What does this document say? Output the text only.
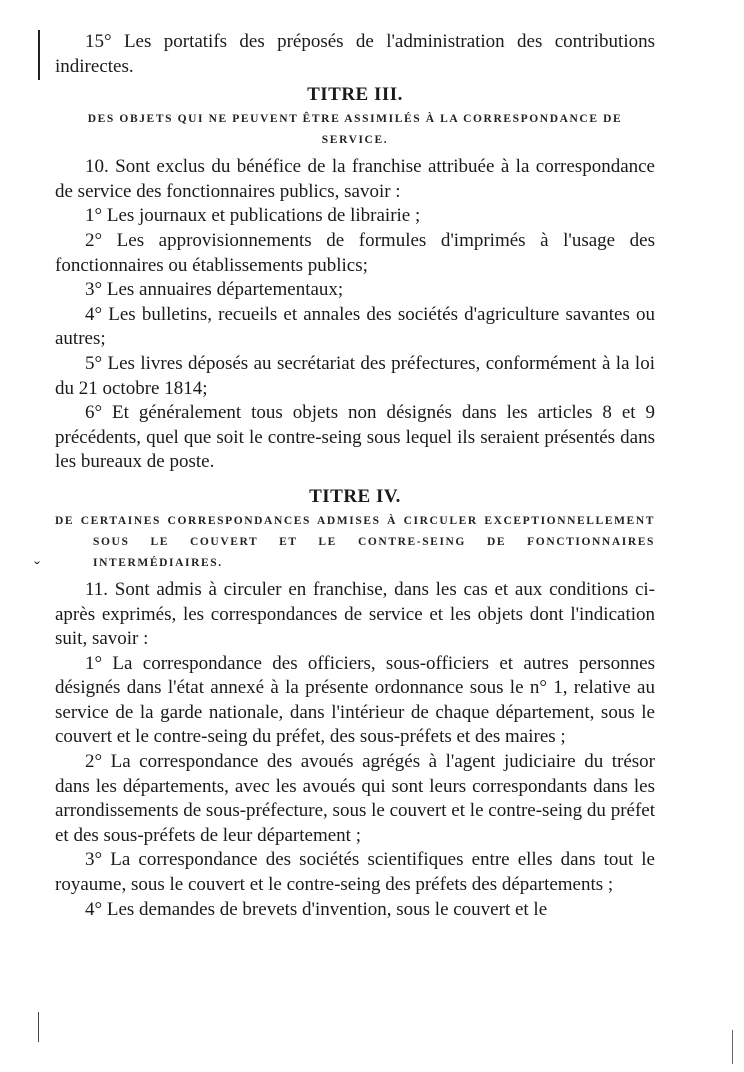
ˇ

15° Les portatifs des préposés de l'administration des contributions indirectes.

TITRE III.

DES OBJETS QUI NE PEUVENT ÊTRE ASSIMILÉS À LA CORRESPONDANCE DE SERVICE.

10. Sont exclus du bénéfice de la franchise attribuée à la correspondance de service des fonctionnaires publics, savoir :

1° Les journaux et publications de librairie ;

2° Les approvisionnements de formules d'imprimés à l'usage des fonctionnaires ou établissements publics;

3° Les annuaires départementaux;

4° Les bulletins, recueils et annales des sociétés d'agriculture savantes ou autres;

5° Les livres déposés au secrétariat des préfectures, conformément à la loi du 21 octobre 1814;

6° Et généralement tous objets non désignés dans les articles 8 et 9 précédents, quel que soit le contre-seing sous lequel ils seraient présentés dans les bureaux de poste.

TITRE IV.

DE CERTAINES CORRESPONDANCES ADMISES À CIRCULER EXCEPTIONNELLEMENT SOUS LE COUVERT ET LE CONTRE-SEING DE FONCTIONNAIRES INTERMÉDIAIRES.

11. Sont admis à circuler en franchise, dans les cas et aux conditions ci-après exprimés, les correspondances de service et les objets dont l'indication suit, savoir :

1° La correspondance des officiers, sous-officiers et autres personnes désignés dans l'état annexé à la présente ordonnance sous le n° 1, relative au service de la garde nationale, dans l'intérieur de chaque département, sous le couvert et le contre-seing du préfet, des sous-préfets et des maires ;

2° La correspondance des avoués agrégés à l'agent judiciaire du trésor dans les départements, avec les avoués qui sont leurs correspondants dans les arrondissements de sous-préfecture, sous le couvert et le contre-seing du préfet et des sous-préfets de leur département ;

3° La correspondance des sociétés scientifiques entre elles dans tout le royaume, sous le couvert et le contre-seing des préfets des départements ;

4° Les demandes de brevets d'invention, sous le couvert et le
